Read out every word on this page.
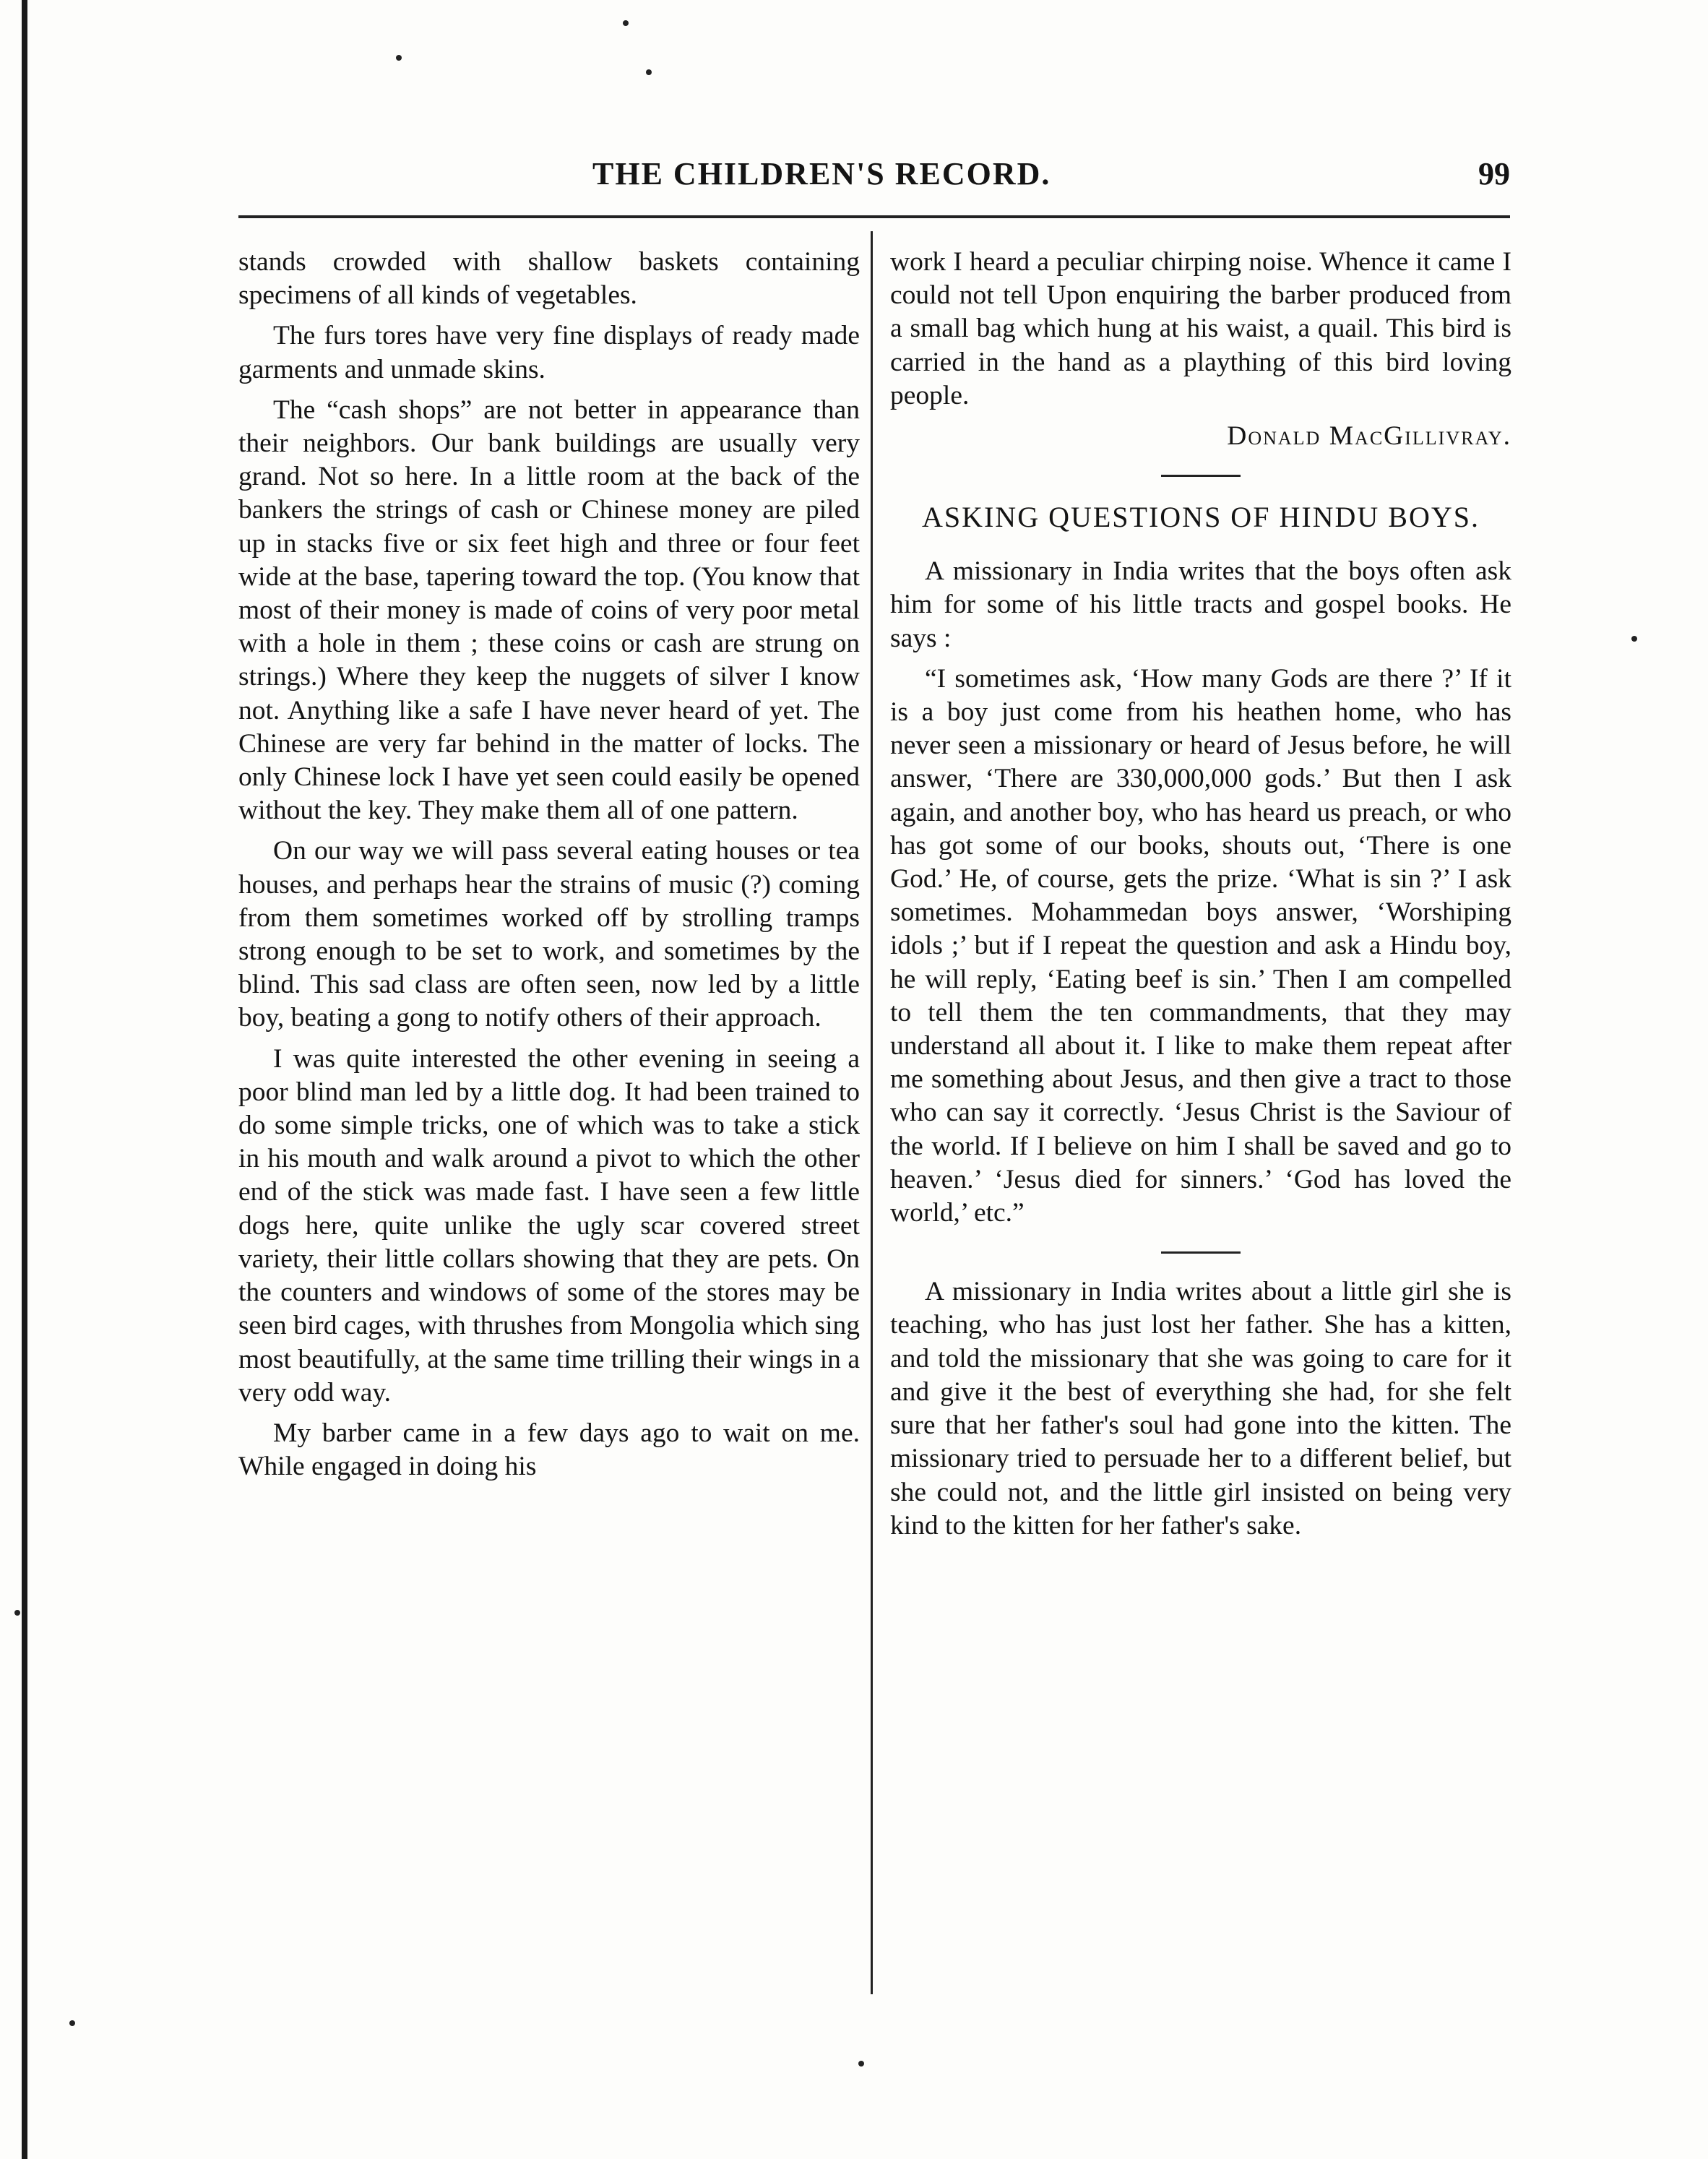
THE CHILDREN'S RECORD.	99

stands crowded with shallow baskets containing specimens of all kinds of vegetables.

The furs tores have very fine displays of ready made garments and unmade skins.

The “cash shops” are not better in appearance than their neighbors. Our bank buildings are usually very grand. Not so here. In a little room at the back of the bankers the strings of cash or Chinese money are piled up in stacks five or six feet high and three or four feet wide at the base, tapering toward the top. (You know that most of their money is made of coins of very poor metal with a hole in them ; these coins or cash are strung on strings.) Where they keep the nuggets of silver I know not. Anything like a safe I have never heard of yet. The Chinese are very far behind in the matter of locks. The only Chinese lock I have yet seen could easily be opened without the key. They make them all of one pattern.

On our way we will pass several eating houses or tea houses, and perhaps hear the strains of music (?) coming from them sometimes worked off by strolling tramps strong enough to be set to work, and sometimes by the blind. This sad class are often seen, now led by a little boy, beating a gong to notify others of their approach.

I was quite interested the other evening in seeing a poor blind man led by a little dog. It had been trained to do some simple tricks, one of which was to take a stick in his mouth and walk around a pivot to which the other end of the stick was made fast. I have seen a few little dogs here, quite unlike the ugly scar covered street variety, their little collars showing that they are pets. On the counters and windows of some of the stores may be seen bird cages, with thrushes from Mongolia which sing most beautifully, at the same time trilling their wings in a very odd way.

My barber came in a few days ago to wait on me. While engaged in doing his

work I heard a peculiar chirping noise. Whence it came I could not tell Upon enquiring the barber produced from a small bag which hung at his waist, a quail. This bird is carried in the hand as a plaything of this bird loving people.

Donald MacGillivray.
ASKING QUESTIONS OF HINDU BOYS.

A missionary in India writes that the boys often ask him for some of his little tracts and gospel books. He says :

“I sometimes ask, ‘How many Gods are there ?’ If it is a boy just come from his heathen home, who has never seen a missionary or heard of Jesus before, he will answer, ‘There are 330,000,000 gods.’ But then I ask again, and another boy, who has heard us preach, or who has got some of our books, shouts out, ‘There is one God.’ He, of course, gets the prize. ‘What is sin ?’ I ask sometimes. Mohammedan boys answer, ‘Worshiping idols ;’ but if I repeat the question and ask a Hindu boy, he will reply, ‘Eating beef is sin.’ Then I am compelled to tell them the ten commandments, that they may understand all about it. I like to make them repeat after me something about Jesus, and then give a tract to those who can say it correctly. ‘Jesus Christ is the Saviour of the world. If I believe on him I shall be saved and go to heaven.’ ‘Jesus died for sinners.’ ‘God has loved the world,’ etc.”

A missionary in India writes about a little girl she is teaching, who has just lost her father. She has a kitten, and told the missionary that she was going to care for it and give it the best of everything she had, for she felt sure that her father's soul had gone into the kitten. The missionary tried to persuade her to a different belief, but she could not, and the little girl insisted on being very kind to the kitten for her father's sake.
